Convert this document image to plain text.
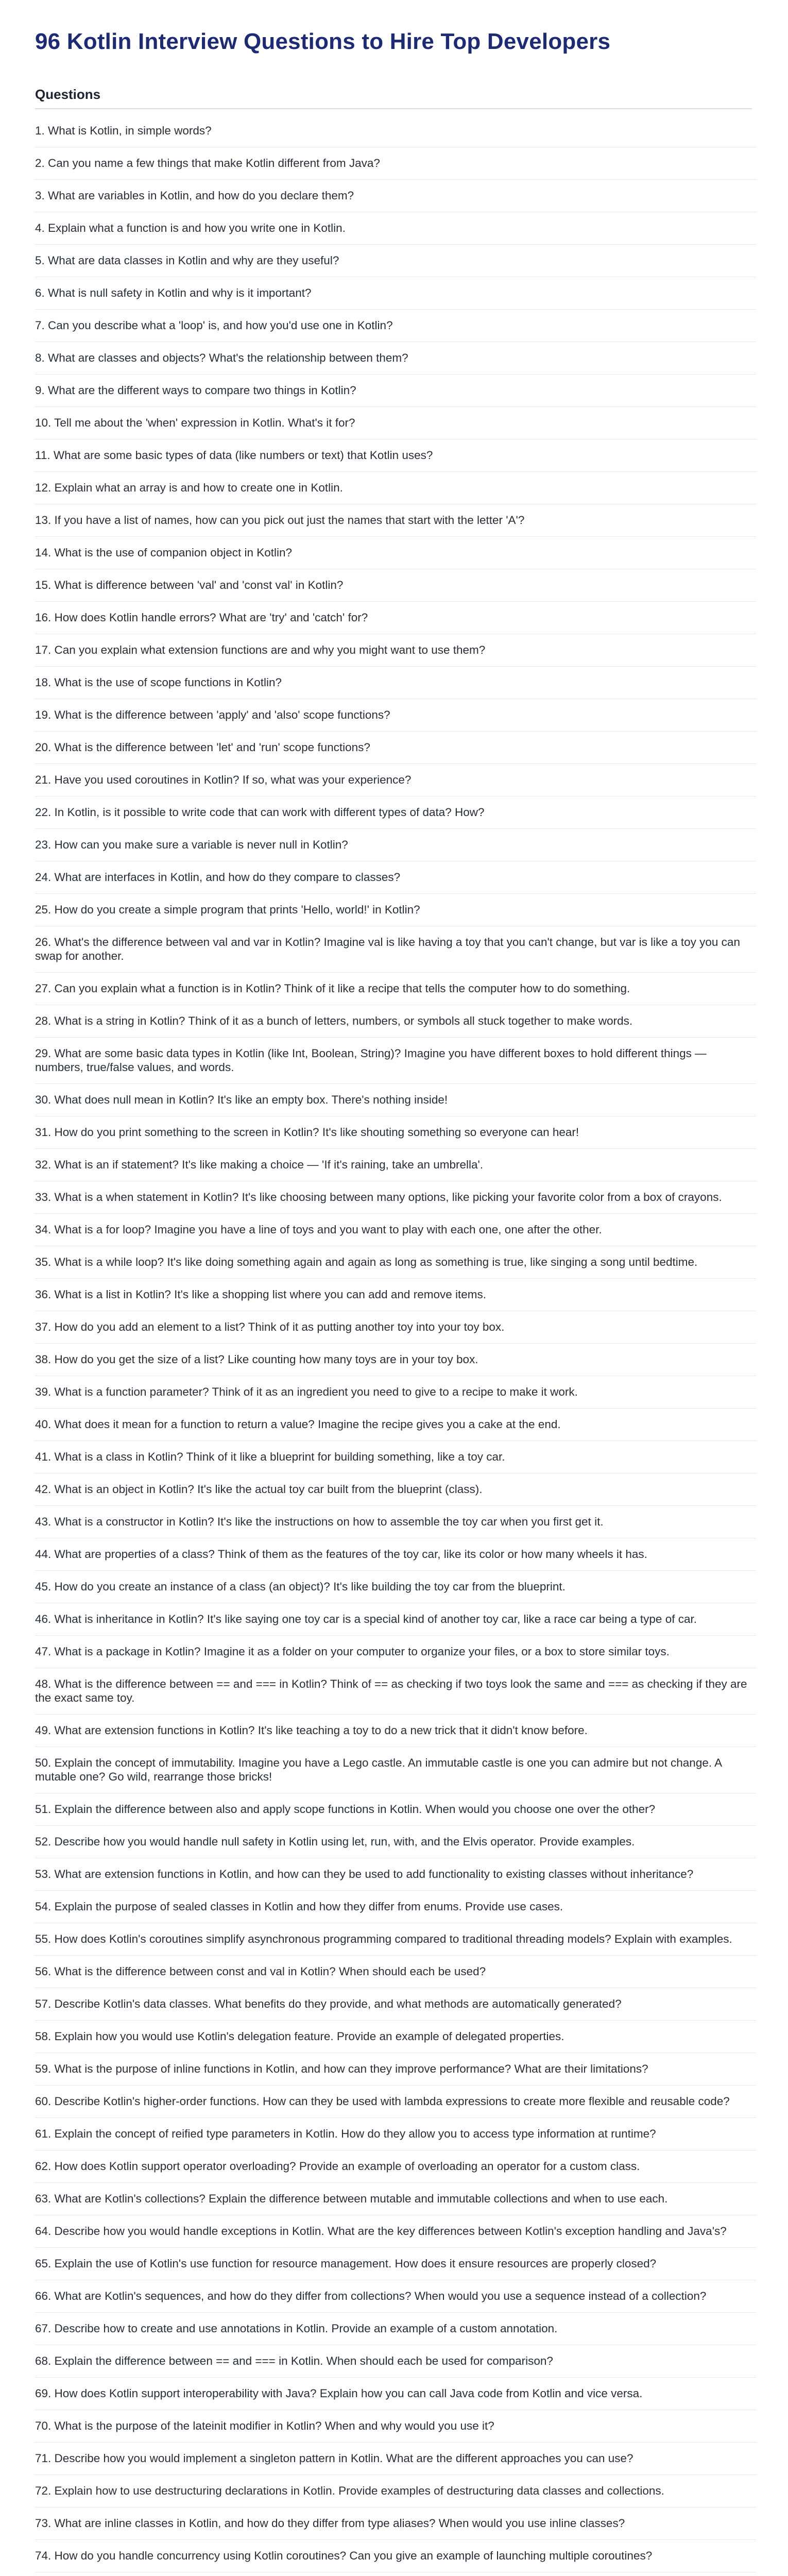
96 Kotlin Interview Questions to Hire Top Developers
Questions
1. What is Kotlin, in simple words?
2. Can you name a few things that make Kotlin different from Java?
3. What are variables in Kotlin, and how do you declare them?
4. Explain what a function is and how you write one in Kotlin.
5. What are data classes in Kotlin and why are they useful?
6. What is null safety in Kotlin and why is it important?
7. Can you describe what a 'loop' is, and how you'd use one in Kotlin?
8. What are classes and objects? What's the relationship between them?
9. What are the different ways to compare two things in Kotlin?
10. Tell me about the 'when' expression in Kotlin. What's it for?
11. What are some basic types of data (like numbers or text) that Kotlin uses?
12. Explain what an array is and how to create one in Kotlin.
13. If you have a list of names, how can you pick out just the names that start with the letter 'A'?
14. What is the use of companion object in Kotlin?
15. What is difference between 'val' and 'const val' in Kotlin?
16. How does Kotlin handle errors? What are 'try' and 'catch' for?
17. Can you explain what extension functions are and why you might want to use them?
18. What is the use of scope functions in Kotlin?
19. What is the difference between 'apply' and 'also' scope functions?
20. What is the difference between 'let' and 'run' scope functions?
21. Have you used coroutines in Kotlin? If so, what was your experience?
22. In Kotlin, is it possible to write code that can work with different types of data? How?
23. How can you make sure a variable is never null in Kotlin?
24. What are interfaces in Kotlin, and how do they compare to classes?
25. How do you create a simple program that prints 'Hello, world!' in Kotlin?
26. What's the difference between val and var in Kotlin? Imagine val is like having a toy that you can't change, but var is like a toy you can swap for another.
27. Can you explain what a function is in Kotlin? Think of it like a recipe that tells the computer how to do something.
28. What is a string in Kotlin? Think of it as a bunch of letters, numbers, or symbols all stuck together to make words.
29. What are some basic data types in Kotlin (like Int, Boolean, String)? Imagine you have different boxes to hold different things — numbers, true/false values, and words.
30. What does null mean in Kotlin? It's like an empty box. There's nothing inside!
31. How do you print something to the screen in Kotlin? It's like shouting something so everyone can hear!
32. What is an if statement? It's like making a choice — 'If it's raining, take an umbrella'.
33. What is a when statement in Kotlin? It's like choosing between many options, like picking your favorite color from a box of crayons.
34. What is a for loop? Imagine you have a line of toys and you want to play with each one, one after the other.
35. What is a while loop? It's like doing something again and again as long as something is true, like singing a song until bedtime.
36. What is a list in Kotlin? It's like a shopping list where you can add and remove items.
37. How do you add an element to a list? Think of it as putting another toy into your toy box.
38. How do you get the size of a list? Like counting how many toys are in your toy box.
39. What is a function parameter? Think of it as an ingredient you need to give to a recipe to make it work.
40. What does it mean for a function to return a value? Imagine the recipe gives you a cake at the end.
41. What is a class in Kotlin? Think of it like a blueprint for building something, like a toy car.
42. What is an object in Kotlin? It's like the actual toy car built from the blueprint (class).
43. What is a constructor in Kotlin? It's like the instructions on how to assemble the toy car when you first get it.
44. What are properties of a class? Think of them as the features of the toy car, like its color or how many wheels it has.
45. How do you create an instance of a class (an object)? It's like building the toy car from the blueprint.
46. What is inheritance in Kotlin? It's like saying one toy car is a special kind of another toy car, like a race car being a type of car.
47. What is a package in Kotlin? Imagine it as a folder on your computer to organize your files, or a box to store similar toys.
48. What is the difference between == and === in Kotlin? Think of == as checking if two toys look the same and === as checking if they are the exact same toy.
49. What are extension functions in Kotlin? It's like teaching a toy to do a new trick that it didn't know before.
50. Explain the concept of immutability. Imagine you have a Lego castle. An immutable castle is one you can admire but not change. A mutable one? Go wild, rearrange those bricks!
51. Explain the difference between also and apply scope functions in Kotlin. When would you choose one over the other?
52. Describe how you would handle null safety in Kotlin using let, run, with, and the Elvis operator. Provide examples.
53. What are extension functions in Kotlin, and how can they be used to add functionality to existing classes without inheritance?
54. Explain the purpose of sealed classes in Kotlin and how they differ from enums. Provide use cases.
55. How does Kotlin's coroutines simplify asynchronous programming compared to traditional threading models? Explain with examples.
56. What is the difference between const and val in Kotlin? When should each be used?
57. Describe Kotlin's data classes. What benefits do they provide, and what methods are automatically generated?
58. Explain how you would use Kotlin's delegation feature. Provide an example of delegated properties.
59. What is the purpose of inline functions in Kotlin, and how can they improve performance? What are their limitations?
60. Describe Kotlin's higher-order functions. How can they be used with lambda expressions to create more flexible and reusable code?
61. Explain the concept of reified type parameters in Kotlin. How do they allow you to access type information at runtime?
62. How does Kotlin support operator overloading? Provide an example of overloading an operator for a custom class.
63. What are Kotlin's collections? Explain the difference between mutable and immutable collections and when to use each.
64. Describe how you would handle exceptions in Kotlin. What are the key differences between Kotlin's exception handling and Java's?
65. Explain the use of Kotlin's use function for resource management. How does it ensure resources are properly closed?
66. What are Kotlin's sequences, and how do they differ from collections? When would you use a sequence instead of a collection?
67. Describe how to create and use annotations in Kotlin. Provide an example of a custom annotation.
68. Explain the difference between == and === in Kotlin. When should each be used for comparison?
69. How does Kotlin support interoperability with Java? Explain how you can call Java code from Kotlin and vice versa.
70. What is the purpose of the lateinit modifier in Kotlin? When and why would you use it?
71. Describe how you would implement a singleton pattern in Kotlin. What are the different approaches you can use?
72. Explain how to use destructuring declarations in Kotlin. Provide examples of destructuring data classes and collections.
73. What are inline classes in Kotlin, and how do they differ from type aliases? When would you use inline classes?
74. How do you handle concurrency using Kotlin coroutines? Can you give an example of launching multiple coroutines?
